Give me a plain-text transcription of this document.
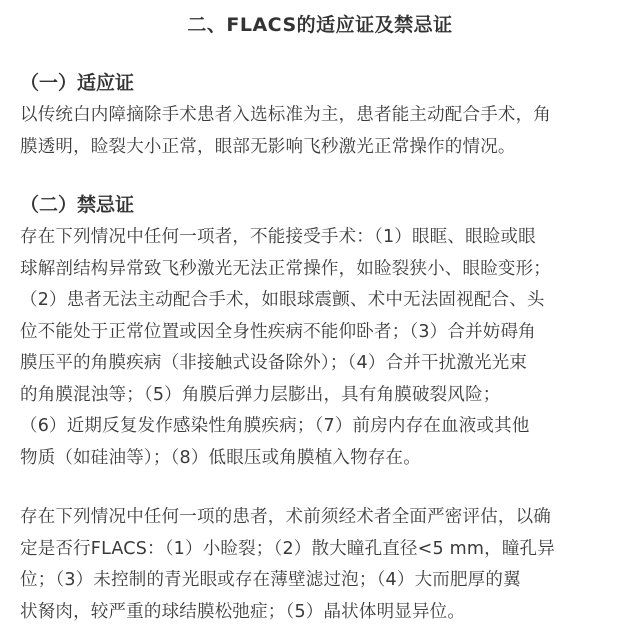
二、FLACS的适应证及禁忌证
（一）适应证
以传统白内障摘除手术患者入选标准为主，患者能主动配合手术，角
膜透明，睑裂大小正常，眼部无影响飞秒激光正常操作的情况。
（二）禁忌证
存在下列情况中任何一项者，不能接受手术：（1）眼眶、眼睑或眼
球解剖结构异常致飞秒激光无法正常操作，如睑裂狭小、眼睑变形；
（2）患者无法主动配合手术，如眼球震颤、术中无法固视配合、头
位不能处于正常位置或因全身性疾病不能仰卧者；（3）合并妨碍角
膜压平的角膜疾病（非接触式设备除外）；（4）合并干扰激光光束
的角膜混浊等；（5）角膜后弹力层膨出，具有角膜破裂风险；
（6）近期反复发作感染性角膜疾病；（7）前房内存在血液或其他
物质（如硅油等）；（8）低眼压或角膜植入物存在。
存在下列情况中任何一项的患者，术前须经术者全面严密评估，以确
定是否行FLACS：（1）小睑裂；（2）散大瞳孔直径<5 mm，瞳孔异
位；（3）未控制的青光眼或存在薄壁滤过泡；（4）大而肥厚的翼
状胬肉，较严重的球结膜松弛症；（5）晶状体明显异位。
